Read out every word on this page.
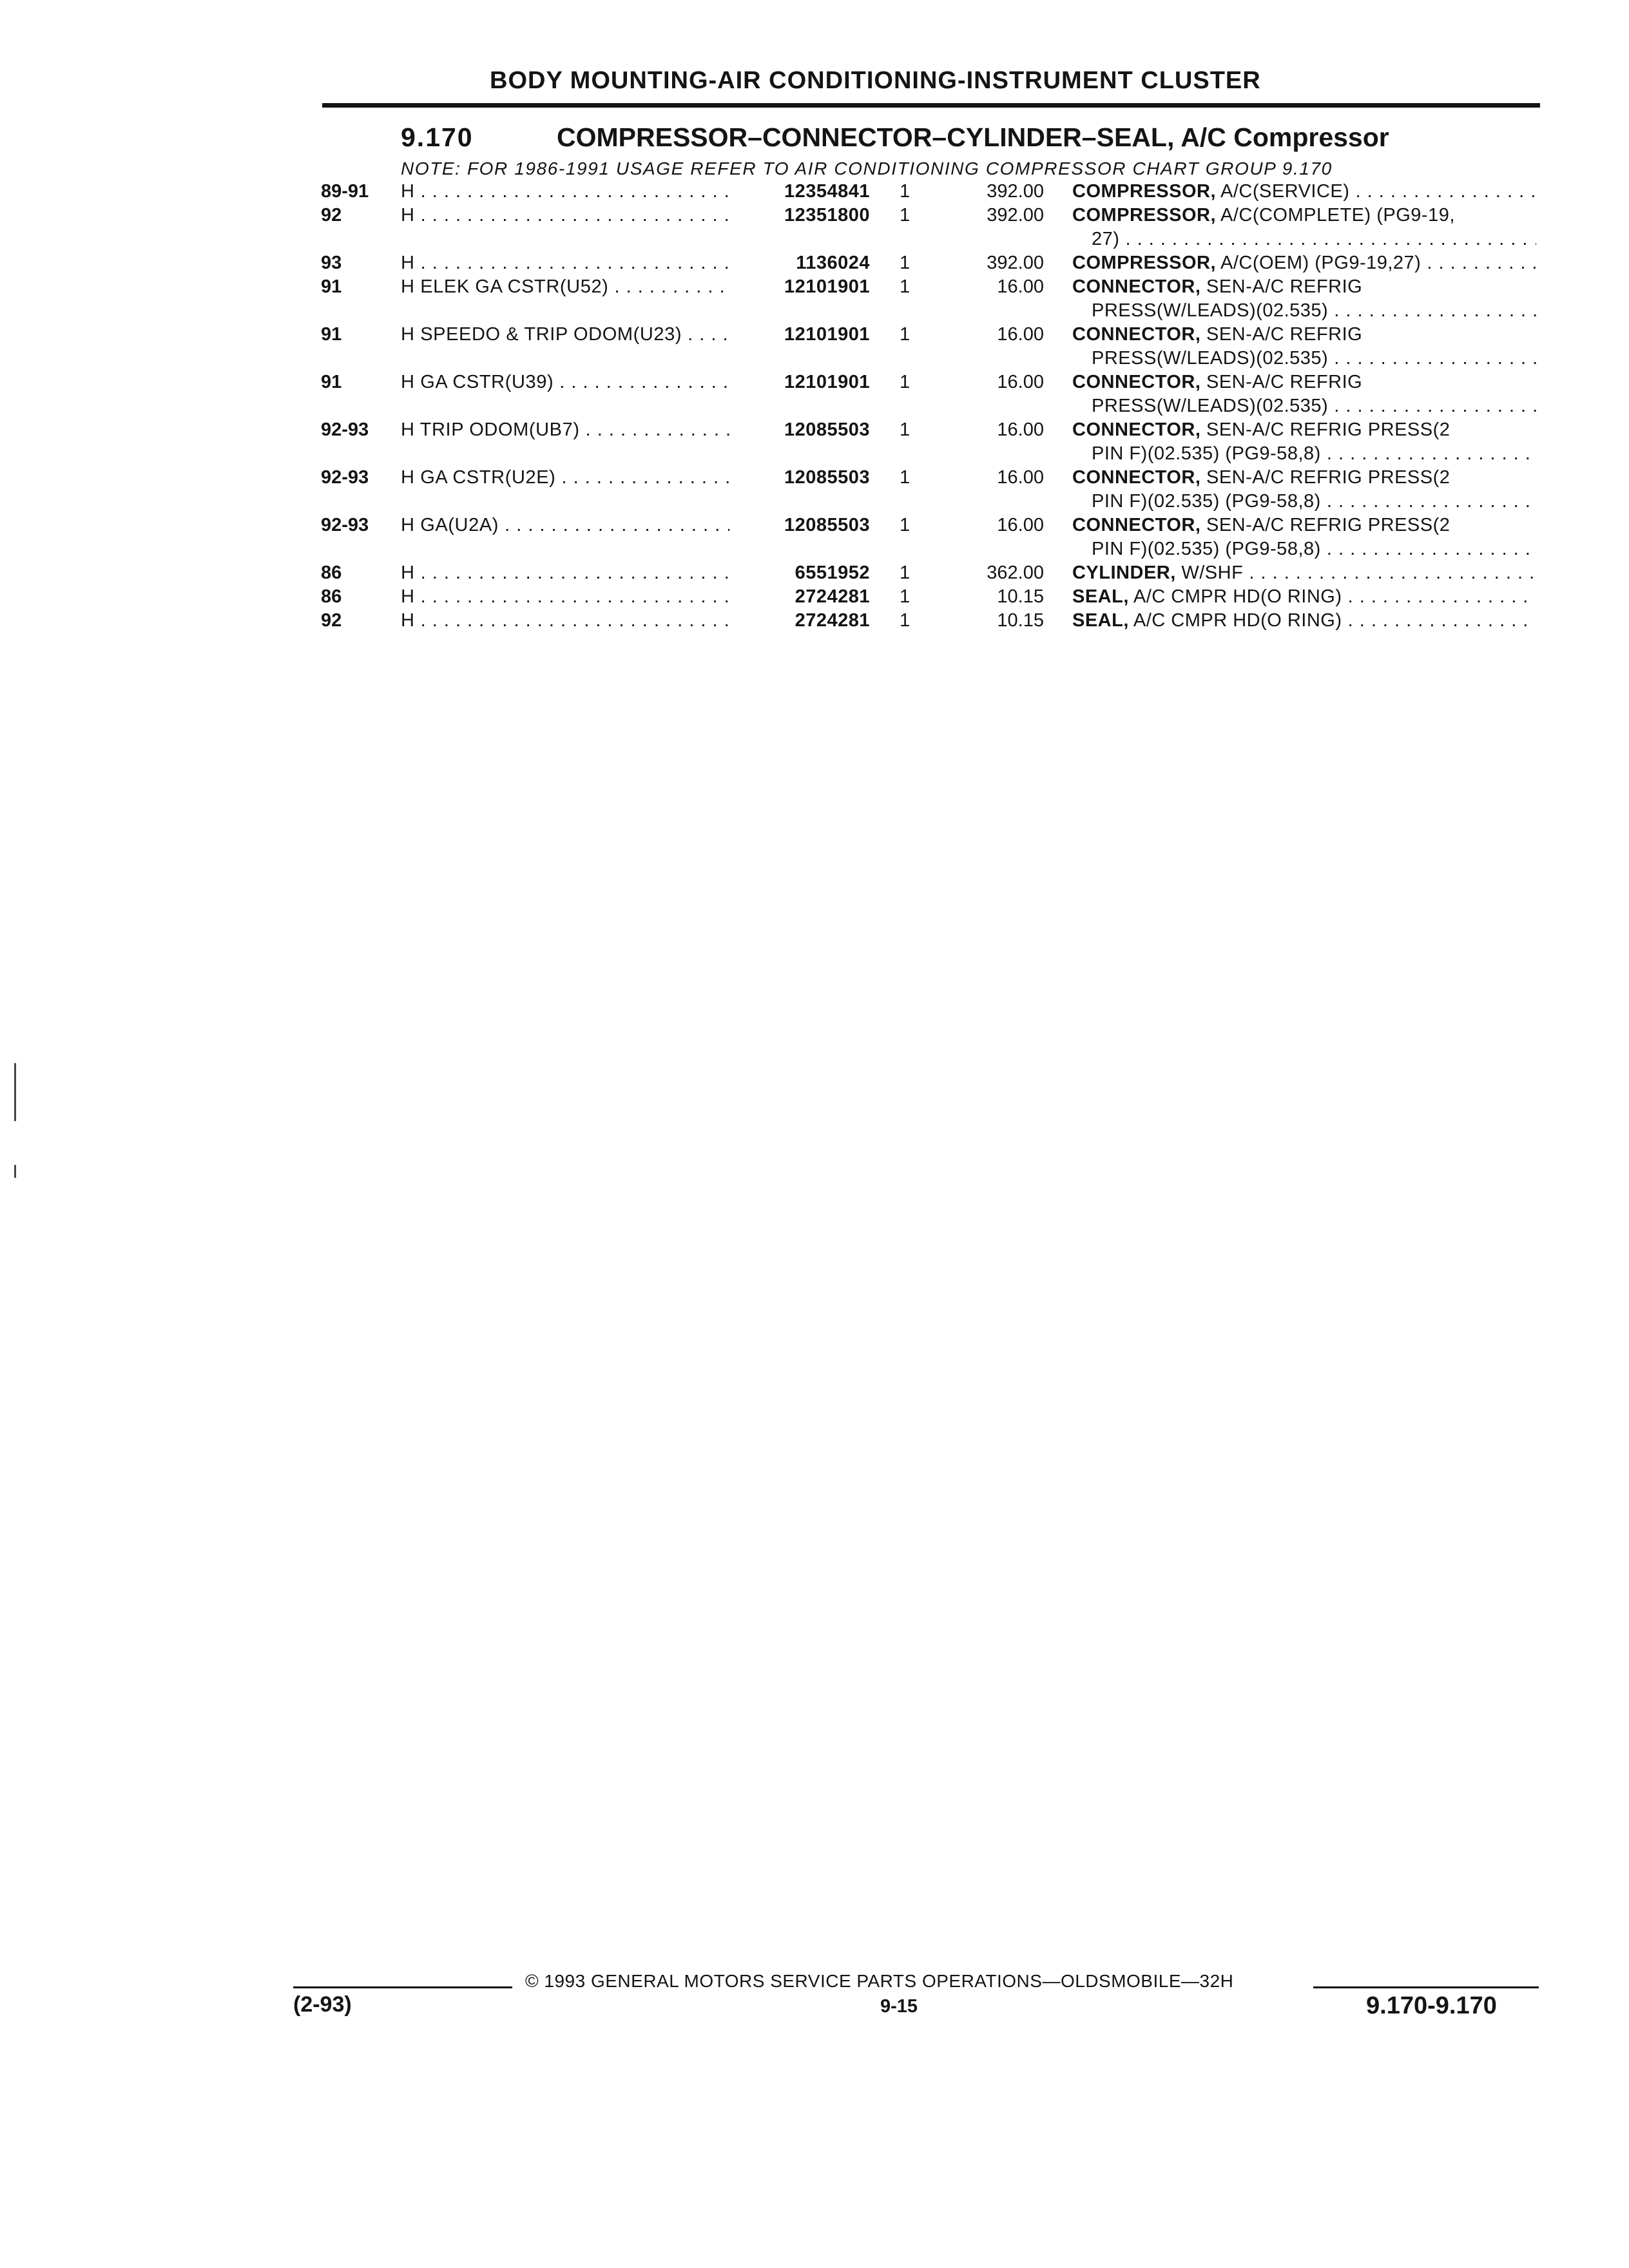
BODY MOUNTING-AIR CONDITIONING-INSTRUMENT CLUSTER
9.170	COMPRESSOR–CONNECTOR–CYLINDER–SEAL, A/C Compressor
NOTE: FOR 1986-1991 USAGE REFER TO AIR CONDITIONING COMPRESSOR CHART GROUP 9.170
89-91	H . . .	12354841 1	392.00 COMPRESSOR, A/C(SERVICE) . . .
92	H . . .	12351800 1	392.00 COMPRESSOR, A/C(COMPLETE) (PG9-19,
27) . . .
93	H . . .	1136024 1	392.00 COMPRESSOR, A/C(OEM) (PG9-19,27) . . .
91	H ELEK GA CSTR(U52) . . .	12101901 1	16.00 CONNECTOR, SEN-A/C REFRIG
PRESS(W/LEADS)(02.535) . . .
91	H SPEEDO & TRIP ODOM(U23) . . .	12101901 1	16.00 CONNECTOR, SEN-A/C REFRIG
PRESS(W/LEADS)(02.535) . . .
91	H GA CSTR(U39) . . .	12101901 1	16.00 CONNECTOR, SEN-A/C REFRIG
PRESS(W/LEADS)(02.535) . . .
92-93	H TRIP ODOM(UB7) . . .	12085503 1	16.00 CONNECTOR, SEN-A/C REFRIG PRESS(2
PIN F)(02.535) (PG9-58,8) . . .
92-93	H GA CSTR(U2E) . . .	12085503 1	16.00 CONNECTOR, SEN-A/C REFRIG PRESS(2
PIN F)(02.535) (PG9-58,8) . . .
92-93	H GA(U2A) . . .	12085503 1	16.00 CONNECTOR, SEN-A/C REFRIG PRESS(2
PIN F)(02.535) (PG9-58,8) . . .
86	H . . .	6551952 1	362.00 CYLINDER, W/SHF . . .
86	H . . .	2724281 1	10.15 SEAL, A/C CMPR HD(O RING) . . .
92	H . . .	2724281 1	10.15 SEAL, A/C CMPR HD(O RING) . . .
© 1993 GENERAL MOTORS SERVICE PARTS OPERATIONS—OLDSMOBILE—32H
(2-93)	9-15	9.170-9.170
